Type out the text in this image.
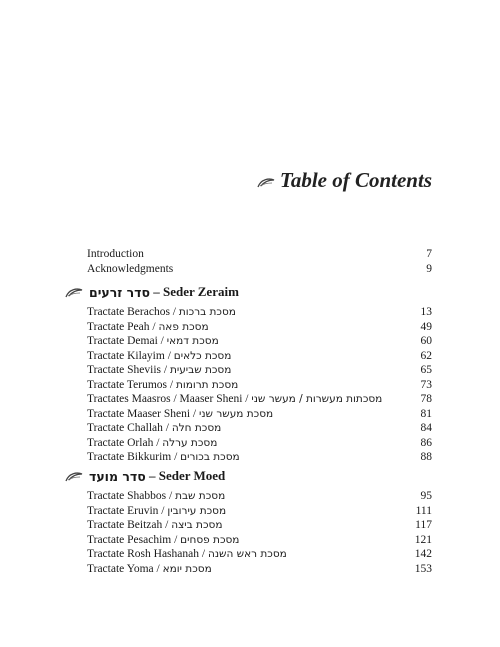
Table of Contents
Introduction	7
Acknowledgments	9
סדר זרעים
– Seder Zeraim
Tractate Berachos / מסכת ברכות	13
Tractate Peah / מסכת פאה	49
Tractate Demai / מסכת דמאי	60
Tractate Kilayim / מסכת כלאים	62
Tractate Sheviis / מסכת שביעית	65
Tractate Terumos / מסכת תרומות	73
Tractates Maasros / Maaser Sheni / מסכתות מעשרות / מעשר שני	78
Tractate Maaser Sheni / מסכת מעשר שני	81
Tractate Challah / מסכת חלה	84
Tractate Orlah / מסכת ערלה	86
Tractate Bikkurim / מסכת בכורים	88
סדר מועד
– Seder Moed
Tractate Shabbos / מסכת שבת	95
Tractate Eruvin / מסכת עירובין	111
Tractate Beitzah / מסכת ביצה	117
Tractate Pesachim / מסכת פסחים	121
Tractate Rosh Hashanah / מסכת ראש השנה	142
Tractate Yoma / מסכת יומא	153
